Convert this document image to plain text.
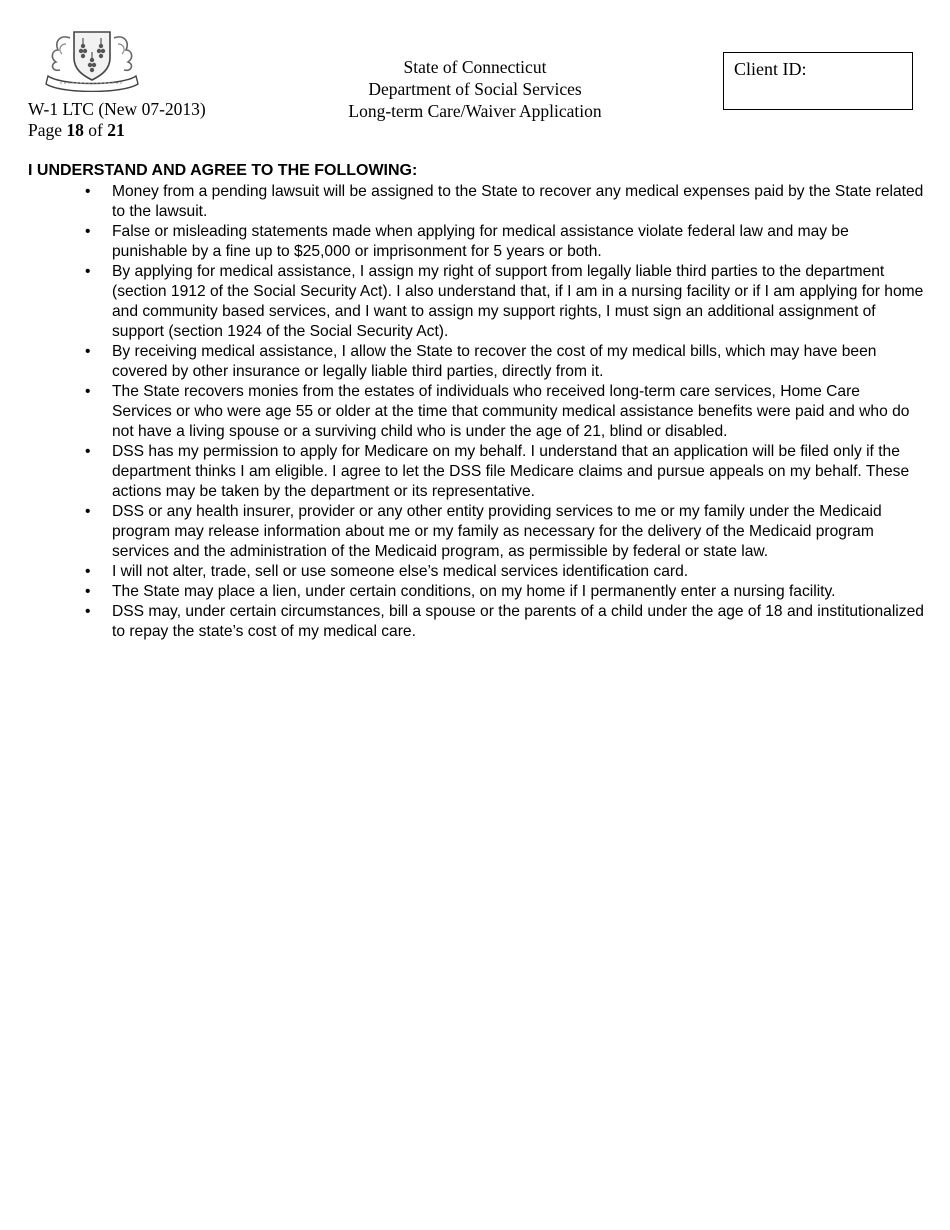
W-1 LTC (New 07-2013)
Page 18 of 21
State of Connecticut
Department of Social Services
Long-term Care/Waiver Application
Client ID:
I UNDERSTAND AND AGREE TO THE FOLLOWING:
• Money from a pending lawsuit will be assigned to the State to recover any medical expenses paid by the State related to the lawsuit.
• False or misleading statements made when applying for medical assistance violate federal law and may be punishable by a fine up to $25,000 or imprisonment for 5 years or both.
• By applying for medical assistance, I assign my right of support from legally liable third parties to the department (section 1912 of the Social Security Act). I also understand that, if I am in a nursing facility or if I am applying for home and community based services, and I want to assign my support rights, I must sign an additional assignment of support (section 1924 of the Social Security Act).
• By receiving medical assistance, I allow the State to recover the cost of my medical bills, which may have been covered by other insurance or legally liable third parties, directly from it.
• The State recovers monies from the estates of individuals who received long-term care services, Home Care Services or who were age 55 or older at the time that community medical assistance benefits were paid and who do not have a living spouse or a surviving child who is under the age of 21, blind or disabled.
• DSS has my permission to apply for Medicare on my behalf. I understand that an application will be filed only if the department thinks I am eligible. I agree to let the DSS file Medicare claims and pursue appeals on my behalf. These actions may be taken by the department or its representative.
• DSS or any health insurer, provider or any other entity providing services to me or my family under the Medicaid program may release information about me or my family as necessary for the delivery of the Medicaid program services and the administration of the Medicaid program, as permissible by federal or state law.
• I will not alter, trade, sell or use someone else’s medical services identification card.
• The State may place a lien, under certain conditions, on my home if I permanently enter a nursing facility.
• DSS may, under certain circumstances, bill a spouse or the parents of a child under the age of 18 and institutionalized to repay the state’s cost of my medical care.
